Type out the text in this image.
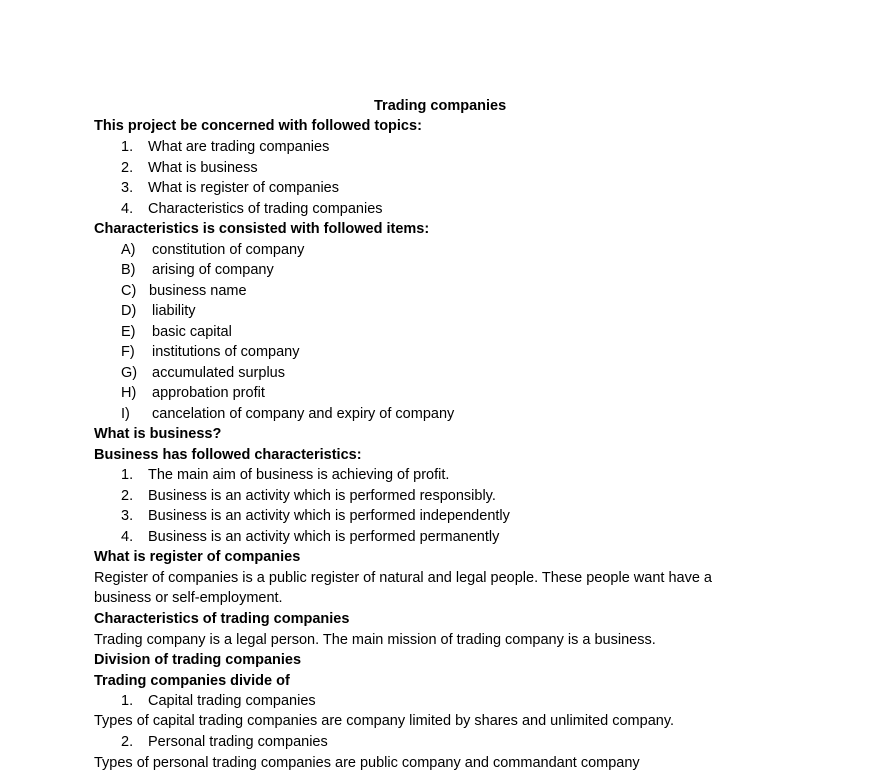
Trading companies
This project be concerned with followed topics:
1. What are trading companies
2. What is business
3. What is register of companies
4. Characteristics of trading companies
Characteristics is consisted with followed items:
A) constitution of company
B) arising of company
C) business name
D) liability
E) basic capital
F) institutions of company
G) accumulated surplus
H) approbation profit
I) cancelation of company and expiry of company
What is business?
Business has followed characteristics:
1. The main aim of business is achieving of profit.
2. Business is an activity which is performed responsibly.
3. Business is an activity which is performed independently
4. Business is an activity which is performed permanently
What is register of companies
Register of companies is a public register of natural and legal people. These people want have a
business or self-employment.
Characteristics of trading companies
Trading company is a legal person. The main mission of trading company is a business.
Division of trading companies
Trading companies divide of
1. Capital trading companies
Types of capital trading companies are company limited by shares and unlimited company.
2. Personal trading companies
Types of personal trading companies are public company and commandant company
